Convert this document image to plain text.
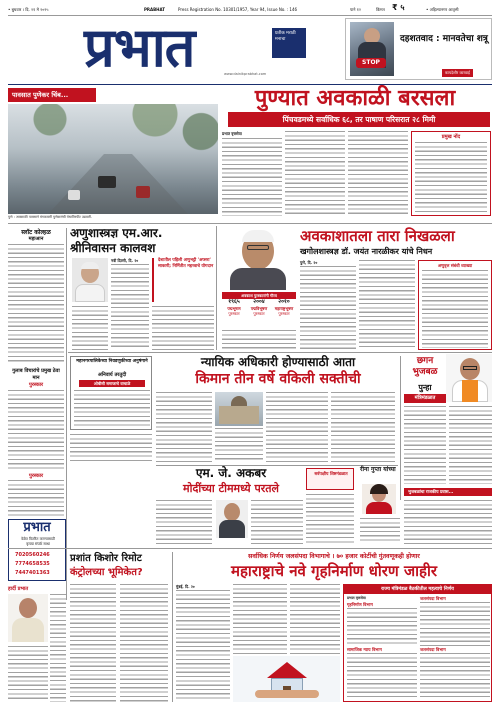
• बुधवार । दि. २१ मे २०२५	PRABHAT	Press Registration No. 10301/1957, Year 94, Issue No. : 146	पाने १२	किंमत ₹ ५	• अहिल्यानगर आवृत्ती
प्रभात	प्रतीक मराठी मनाचा
www.dainikprabhat.com
STOP
दहशतवाद : मानवतेचा शत्रू
कायदेशीर कारवाई
पावसात पुणेकर चिंब...	पुण्यात अवकाळी बरसला
पिंचवडमध्ये सर्वाधिक ६८, तर पाषाण परिसरात २८ मिमी
पुणे : अवकाळी पावसाने मंगळवारी पुणेकरांची त्रेधातिरपीट उडवली.
प्रभात वृत्तसेवा
प्रमुख नोंद
स्लॉट कोल्हळ
महाआन
गुलाब विचारांचे प्रमुख ठेवा मान
पुरस्कार
पुरस्कार
अणुशास्त्रज्ञ एम.आर. श्रीनिवासन कालवश
नवी दिल्ली, दि. २०	देशातील पहिली अणुभट्टी 'अप्सरा' साकारी; निर्मितीत महत्त्वाचे योगदान
अवकाशातला तारा निखळला
खगोलशास्त्रज्ञ डॉ. जयंत नारळीकर यांचे निधन
अवकाश पुरस्कारांनी गौरव
१९६५
पद्मभूषण
पुरस्कार
२००४
पद्मविभूषण
पुरस्कार
२०१०
महाराष्ट्रभूषण
पुरस्कार
पुणे, दि. २०
अणुवृत्त संबंधी व्याख्या
महानगरपालिकेच्या निवडणुकीच्या अनुषंगाने
अनिवार्य तरतुदी
ओबीसी समाजाचे वाचाळे
न्यायिक अधिकारी होण्यासाठी आता
किमान तीन वर्षे वकिली सक्तीची
छगन
भुजबळ
पुन्हा
मंत्रिमंडळात
भुजबळांचा राजकीय प्रवास...
एम. जे. अकबर
मोदींच्या टीममध्ये परतले
सर्वपक्षीय शिष्टमंडळात
रीना गुप्ता यांच्या
प्रभात
वेळेत वितरित करण्यासाठी
कृपया संपर्क साधा
7020560246
7774658535
7447401363
प्रशांत किशोर रिमोट
कंट्रोलच्या भूमिकेत?
हार्दी प्रभात
सर्वाधिक निर्णय जलसंपदा विभागाचे । ७० हजार कोटींची गुंतवणूकही होणार
महाराष्ट्राचे नवे गृहनिर्माण धोरण जाहीर
मुंबई, दि. २०
राज्य मंत्रिमंडळ बैठकीतील महत्वाचे निर्णय
प्रभात वृत्तसेवा
गृहनिर्माण विभाग
सामाजिक न्याय विभाग
जलसंपदा विभाग
जलसंपदा विभाग
